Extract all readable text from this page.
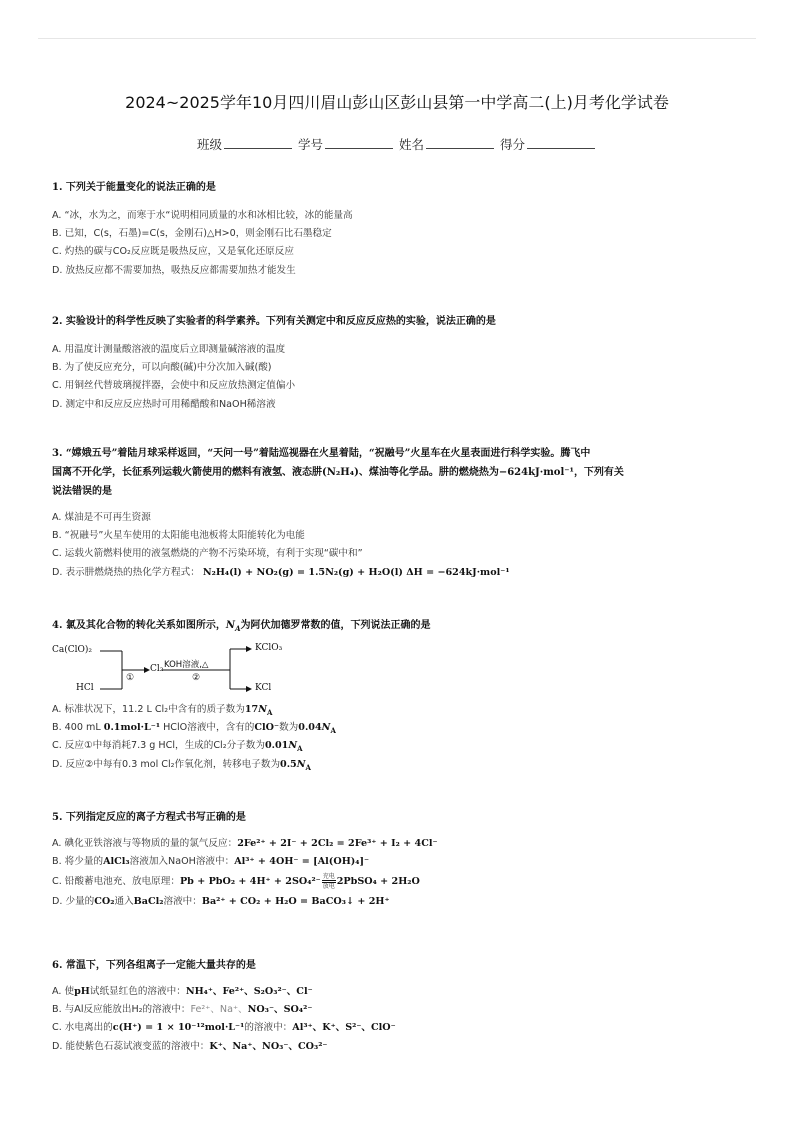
2024~2025学年10月四川眉山彭山区彭山县第一中学高二(上)月考化学试卷
班级	学号	姓名	得分
1. 下列关于能量变化的说法正确的是
A. “冰，水为之，而寒于水“说明相同质量的水和冰相比较，冰的能量高
B. 已知，C(s，石墨)=C(s，金刚石)△H>0，则金刚石比石墨稳定
C. 灼热的碳与CO₂反应既是吸热反应，又是氧化还原反应
D. 放热反应都不需要加热，吸热反应都需要加热才能发生
2. 实验设计的科学性反映了实验者的科学素养。下列有关测定中和反应反应热的实验，说法正确的是
A. 用温度计测量酸溶液的温度后立即测量碱溶液的温度
B. 为了使反应充分，可以向酸(碱)中分次加入碱(酸)
C. 用铜丝代替玻璃搅拌器，会使中和反应放热测定值偏小
D. 测定中和反应反应热时可用稀醋酸和NaOH稀溶液
3. “嫦娥五号”着陆月球采样返回，“天问一号”着陆巡视器在火星着陆，“祝融号”火星车在火星表面进行科学实验。腾飞中
国离不开化学，长征系列运载火箭使用的燃料有液氢、液态肼(N₂H₄)、煤油等化学品。肼的燃烧热为−624kJ·mol⁻¹，下列有关
说法错误的是
A. 煤油是不可再生资源
B. “祝融号”火星车使用的太阳能电池板将太阳能转化为电能
C. 运载火箭燃料使用的液氢燃烧的产物不污染环境，有利于实现“碳中和”
D. 表示肼燃烧热的热化学方程式： N₂H₄(l) + NO₂(g) = 1.5N₂(g) + H₂O(l) ΔH = −624kJ·mol⁻¹
4. 氯及其化合物的转化关系如图所示，$N_A$为阿伏加德罗常数的值，下列说法正确的是
Ca(ClO)₂
HCl
①
Cl₂ KOH溶液,△
②
KClO₃
KCl
A. 标准状况下，11.2 L Cl₂中含有的质子数为$17N_A$
B. 400 mL 0.1mol·L⁻¹ HClO溶液中，含有的ClO⁻数为$0.04N_A$
C. 反应①中每消耗7.3 g HCl，生成的Cl₂分子数为$0.01N_A$
D. 反应②中每有0.3 mol Cl₂作氧化剂，转移电子数为$0.5N_A$
5. 下列指定反应的离子方程式书写正确的是
A. 碘化亚铁溶液与等物质的量的氯气反应：2Fe²⁺ + 2I⁻ + 2Cl₂ = 2Fe³⁺ + I₂ + 4Cl⁻
B. 将少量的AlCl₃溶液加入NaOH溶液中：Al³⁺ + 4OH⁻ = [Al(OH)₄]⁻
C. 铅酸蓄电池充、放电原理：Pb + PbO₂ + 4H⁺ + 2SO₄²⁻ 充电
放电 2PbSO₄ + 2H₂O
D. 少量的CO₂通入BaCl₂溶液中：Ba²⁺ + CO₂ + H₂O = BaCO₃↓ + 2H⁺
6. 常温下，下列各组离子一定能大量共存的是
A. 使pH试纸显红色的溶液中：NH₄⁺、Fe²⁺、S₂O₃²⁻、Cl⁻
B. 与Al反应能放出H₂的溶液中：Fe²⁺、Na⁺、NO₃⁻、SO₄²⁻
C. 水电离出的c(H⁺) = 1 × 10⁻¹²mol·L⁻¹的溶液中：Al³⁺、K⁺、S²⁻、ClO⁻
D. 能使紫色石蕊试液变蓝的溶液中：K⁺、Na⁺、NO₃⁻、CO₃²⁻
